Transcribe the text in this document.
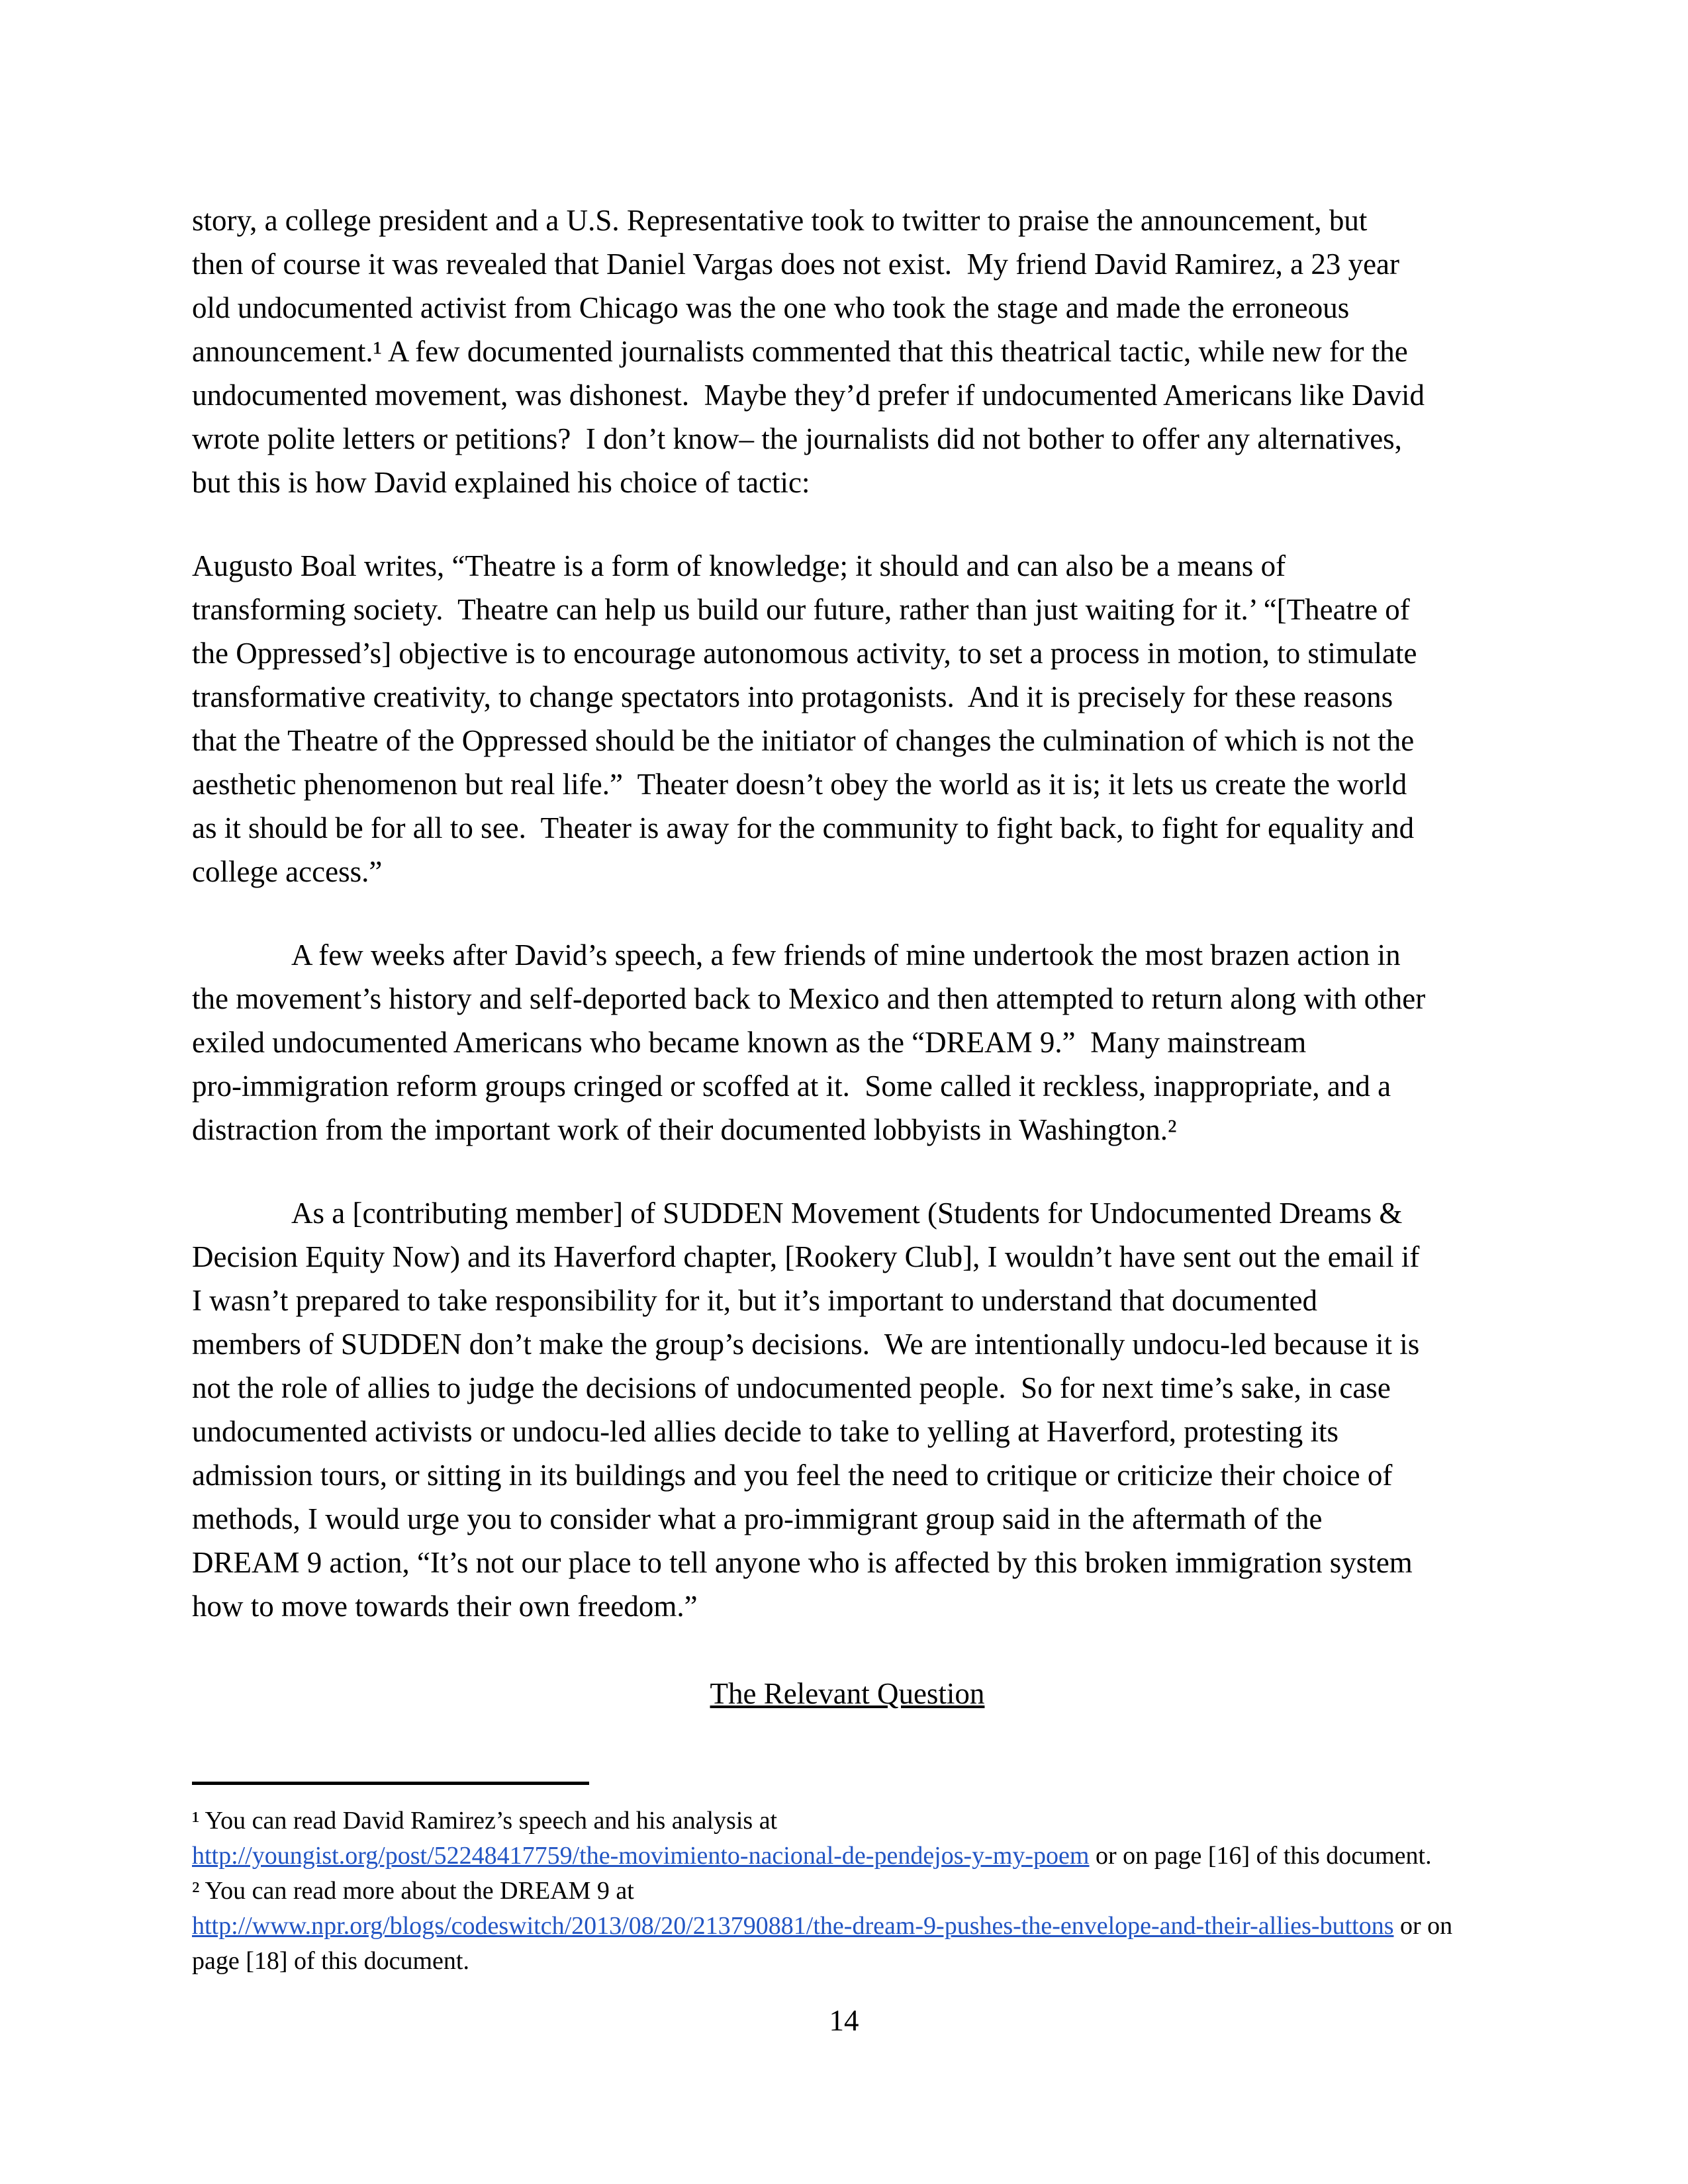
story, a college president and a U.S. Representative took to twitter to praise the announcement, but
then of course it was revealed that Daniel Vargas does not exist.  My friend David Ramirez, a 23 year
old undocumented activist from Chicago was the one who took the stage and made the erroneous
announcement.¹ A few documented journalists commented that this theatrical tactic, while new for the
undocumented movement, was dishonest.  Maybe they’d prefer if undocumented Americans like David
wrote polite letters or petitions?  I don’t know– the journalists did not bother to offer any alternatives,
but this is how David explained his choice of tactic:
Augusto Boal writes, “Theatre is a form of knowledge; it should and can also be a means of
transforming society.  Theatre can help us build our future, rather than just waiting for it.’ “[Theatre of
the Oppressed’s] objective is to encourage autonomous activity, to set a process in motion, to stimulate
transformative creativity, to change spectators into protagonists.  And it is precisely for these reasons
that the Theatre of the Oppressed should be the initiator of changes the culmination of which is not the
aesthetic phenomenon but real life.”  Theater doesn’t obey the world as it is; it lets us create the world
as it should be for all to see.  Theater is away for the community to fight back, to fight for equality and
college access.”
A few weeks after David’s speech, a few friends of mine undertook the most brazen action in
the movement’s history and self-deported back to Mexico and then attempted to return along with other
exiled undocumented Americans who became known as the “DREAM 9.”  Many mainstream
pro-immigration reform groups cringed or scoffed at it.  Some called it reckless, inappropriate, and a
distraction from the important work of their documented lobbyists in Washington.²
As a [contributing member] of SUDDEN Movement (Students for Undocumented Dreams &
Decision Equity Now) and its Haverford chapter, [Rookery Club], I wouldn’t have sent out the email if
I wasn’t prepared to take responsibility for it, but it’s important to understand that documented
members of SUDDEN don’t make the group’s decisions.  We are intentionally undocu-led because it is
not the role of allies to judge the decisions of undocumented people.  So for next time’s sake, in case
undocumented activists or undocu-led allies decide to take to yelling at Haverford, protesting its
admission tours, or sitting in its buildings and you feel the need to critique or criticize their choice of
methods, I would urge you to consider what a pro-immigrant group said in the aftermath of the
DREAM 9 action, “It’s not our place to tell anyone who is affected by this broken immigration system
how to move towards their own freedom.”
The Relevant Question
¹ You can read David Ramirez’s speech and his analysis at
http://youngist.org/post/52248417759/the-movimiento-nacional-de-pendejos-y-my-poem or on page [16] of this document.
² You can read more about the DREAM 9 at
http://www.npr.org/blogs/codeswitch/2013/08/20/213790881/the-dream-9-pushes-the-envelope-and-their-allies-buttons or on
page [18] of this document.
14
